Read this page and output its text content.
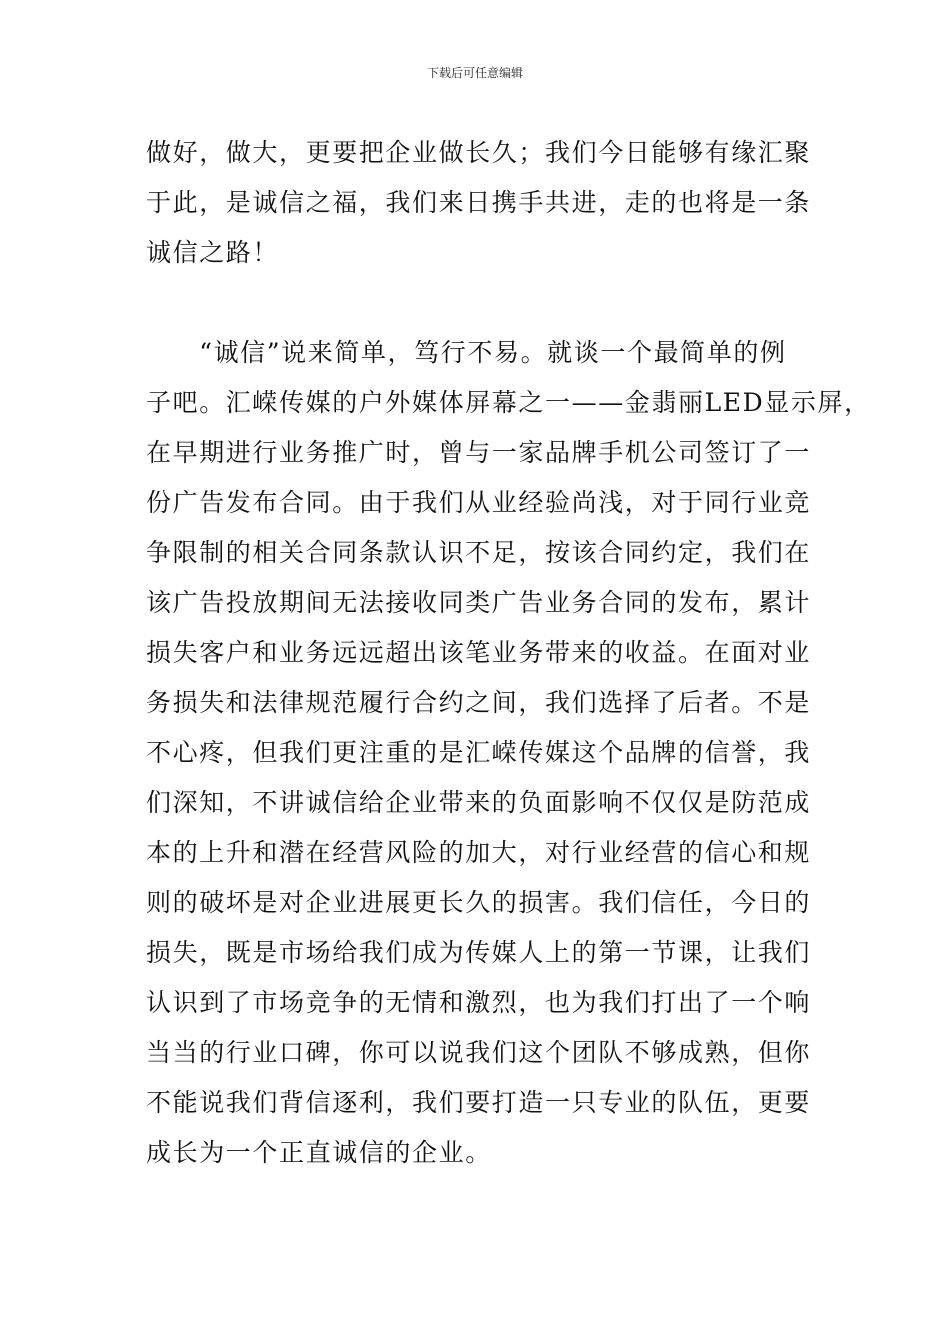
下载后可任意编辑
做好，做大，更要把企业做长久；我们今日能够有缘汇聚
于此，是诚信之福，我们来日携手共进，走的也将是一条
诚信之路！
　　“诚信”说来简单，笃行不易。就谈一个最简单的例
子吧。汇嵘传媒的户外媒体屏幕之一——金翡丽LED显示屏，
在早期进行业务推广时，曾与一家品牌手机公司签订了一
份广告发布合同。由于我们从业经验尚浅，对于同行业竞
争限制的相关合同条款认识不足，按该合同约定，我们在
该广告投放期间无法接收同类广告业务合同的发布，累计
损失客户和业务远远超出该笔业务带来的收益。在面对业
务损失和法律规范履行合约之间，我们选择了后者。不是
不心疼，但我们更注重的是汇嵘传媒这个品牌的信誉，我
们深知，不讲诚信给企业带来的负面影响不仅仅是防范成
本的上升和潜在经营风险的加大，对行业经营的信心和规
则的破坏是对企业进展更长久的损害。我们信任，今日的
损失，既是市场给我们成为传媒人上的第一节课，让我们
认识到了市场竞争的无情和激烈，也为我们打出了一个响
当当的行业口碑，你可以说我们这个团队不够成熟，但你
不能说我们背信逐利，我们要打造一只专业的队伍，更要
成长为一个正直诚信的企业。
